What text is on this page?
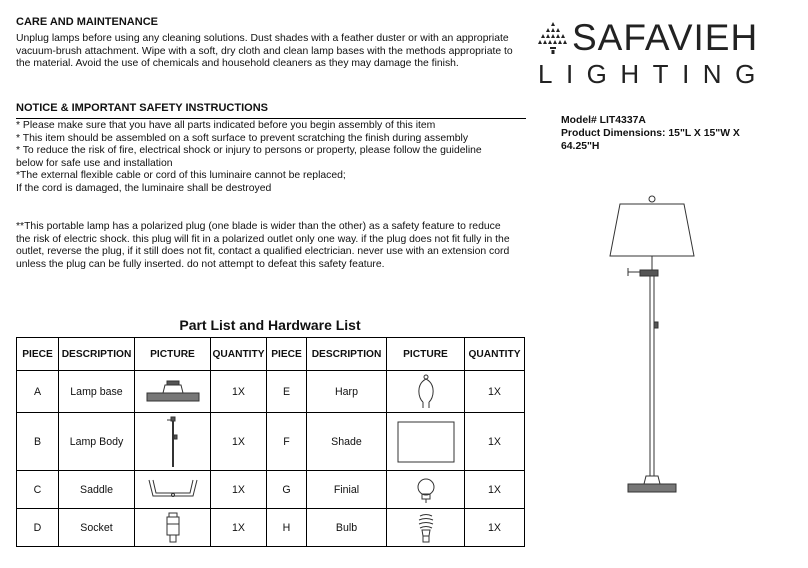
CARE AND MAINTENANCE
Unplug lamps before using any cleaning solutions. Dust shades with a feather duster or with an appropriate
vacuum-brush attachment. Wipe with a soft, dry cloth and clean lamp bases with the methods appropriate to
the material. Avoid the use of chemicals and household cleaners as they may damage the finish.
NOTICE & IMPORTANT SAFETY INSTRUCTIONS
* Please make sure that you have all parts indicated before you begin assembly of this item
* This item should be assembled on a soft surface to prevent scratching the finish during assembly
* To reduce the risk of fire, electrical shock or injury to persons or property, please follow the guideline
below for safe use and installation
*The external flexible cable or cord of this luminaire cannot be replaced;
If the cord is damaged, the luminaire shall be destroyed
**This portable lamp has a polarized plug (one blade is wider than the other) as a safety feature to reduce
the risk of electric shock. this plug will fit in a polarized outlet only one way. if the plug does not fit fully in the
outlet, reverse the plug, if it still does not fit, contact a qualified electrician. never use with an extension cord
unless the plug can be fully inserted. do not attempt to defeat this safety feature.
SAFAVIEH
LIGHTING
Model# LIT4337A
Product Dimensions: 15"L X 15"W X
64.25"H
Part List and Hardware List
PIECE	DESCRIPTION	PICTURE	QUANTITY	PIECE	DESCRIPTION	PICTURE	QUANTITY
A	Lamp base		1X	E	Harp		1X
B	Lamp Body		1X	F	Shade		1X
C	Saddle		1X	G	Finial		1X
D	Socket		1X	H	Bulb		1X
